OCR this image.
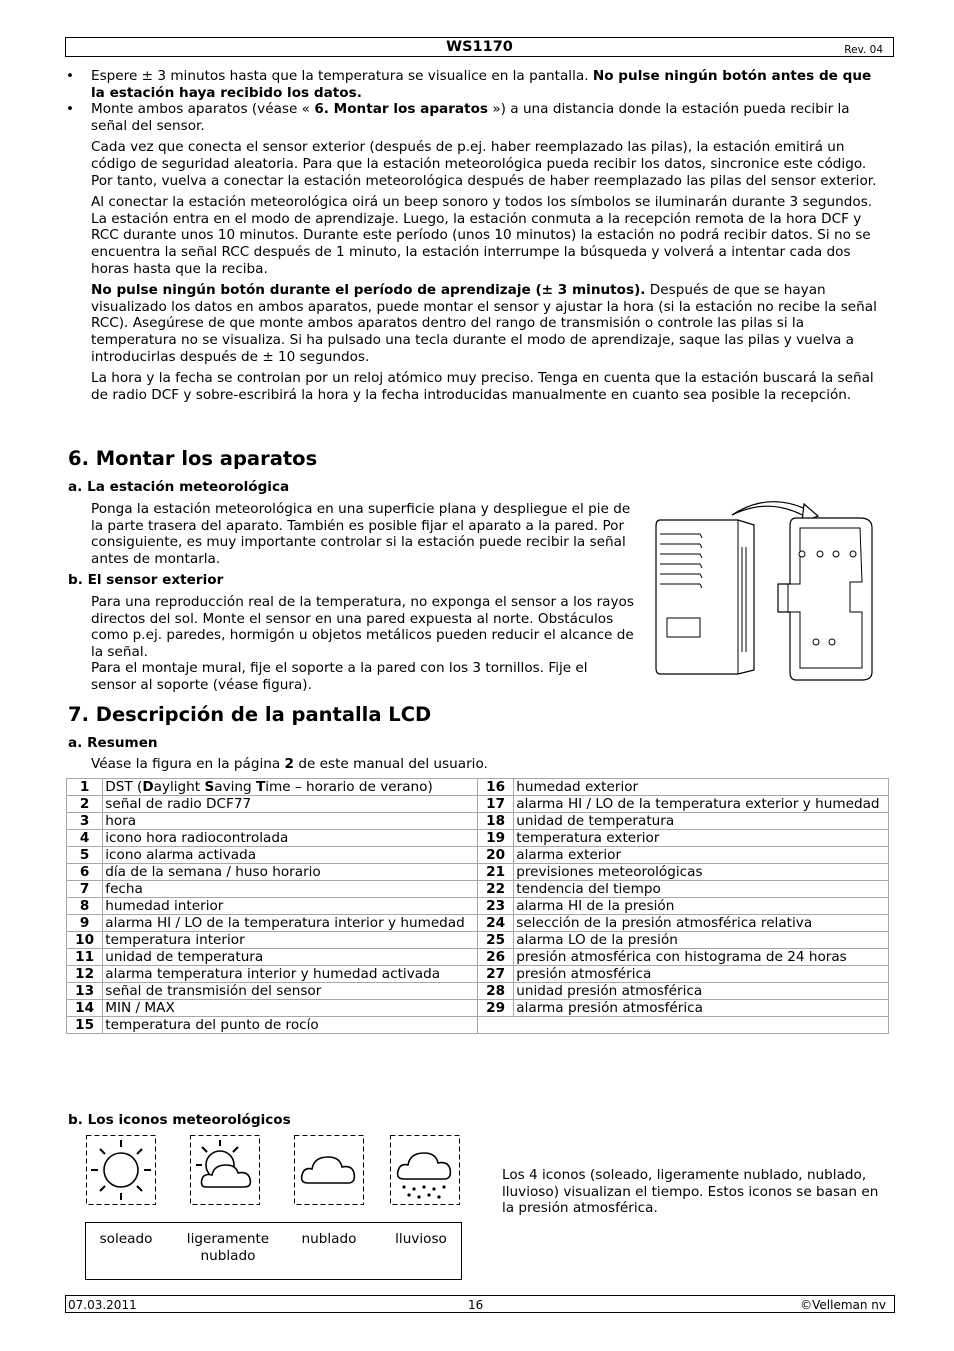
WS1170	Rev. 04

• Espere ± 3 minutos hasta que la temperatura se visualice en la pantalla. No pulse ningún botón antes de que la estación haya recibido los datos.

• Monte ambos aparatos (véase « 6. Montar los aparatos ») a una distancia donde la estación pueda recibir la señal del sensor.

Cada vez que conecta el sensor exterior (después de p.ej. haber reemplazado las pilas), la estación emitirá un código de seguridad aleatoria. Para que la estación meteorológica pueda recibir los datos, sincronice este código. Por tanto, vuelva a conectar la estación meteorológica después de haber reemplazado las pilas del sensor exterior.

Al conectar la estación meteorológica oirá un beep sonoro y todos los símbolos se iluminarán durante 3 segundos. La estación entra en el modo de aprendizaje. Luego, la estación conmuta a la recepción remota de la hora DCF y RCC durante unos 10 minutos. Durante este período (unos 10 minutos) la estación no podrá recibir datos. Si no se encuentra la señal RCC después de 1 minuto, la estación interrumpe la búsqueda y volverá a intentar cada dos horas hasta que la reciba.

No pulse ningún botón durante el período de aprendizaje (± 3 minutos). Después de que se hayan visualizado los datos en ambos aparatos, puede montar el sensor y ajustar la hora (si la estación no recibe la señal RCC). Asegúrese de que monte ambos aparatos dentro del rango de transmisión o controle las pilas si la temperatura no se visualiza. Si ha pulsado una tecla durante el modo de aprendizaje, saque las pilas y vuelva a introducirlas después de ± 10 segundos.

La hora y la fecha se controlan por un reloj atómico muy preciso. Tenga en cuenta que la estación buscará la señal de radio DCF y sobre-escribirá la hora y la fecha introducidas manualmente en cuanto sea posible la recepción.

6. Montar los aparatos
a. La estación meteorológica

Ponga la estación meteorológica en una superficie plana y despliegue el pie de la parte trasera del aparato. También es posible fijar el aparato a la pared. Por consiguiente, es muy importante controlar si la estación puede recibir la señal antes de montarla.

b. El sensor exterior
Para una reproducción real de la temperatura, no exponga el sensor a los rayos directos del sol. Monte el sensor en una pared expuesta al norte. Obstáculos como p.ej. paredes, hormigón u objetos metálicos pueden reducir el alcance de la señal.
Para el montaje mural, fije el soporte a la pared con los 3 tornillos. Fije el sensor al soporte (véase figura).
7. Descripción de la pantalla LCD
a. Resumen

Véase la figura en la página 2 de este manual del usuario.

1	DST (Daylight Saving Time – horario de verano)	16	humedad exterior
2	señal de radio DCF77	17	alarma HI / LO de la temperatura exterior y humedad
3	hora	18	unidad de temperatura
4	icono hora radiocontrolada	19	temperatura exterior
5	icono alarma activada	20	alarma exterior
6	día de la semana / huso horario	21	previsiones meteorológicas
7	fecha	22	tendencia del tiempo
8	humedad interior	23	alarma HI de la presión
9	alarma HI / LO de la temperatura interior y humedad	24	selección de la presión atmosférica relativa
10	temperatura interior	25	alarma LO de la presión
11	unidad de temperatura	26	presión atmosférica con histograma de 24 horas
12	alarma temperatura interior y humedad activada	27	presión atmosférica
13	señal de transmisión del sensor	28	unidad presión atmosférica
14	MIN / MAX	29	alarma presión atmosférica
15	temperatura del punto de rocío		
b. Los iconos meteorológicos
soleado	ligeramente nublado
nublado	lluvioso

Los 4 iconos (soleado, ligeramente nublado, nublado, lluvioso) visualizan el tiempo. Estos iconos se basan en la presión atmosférica.

07.03.2011	16	©Velleman nv
